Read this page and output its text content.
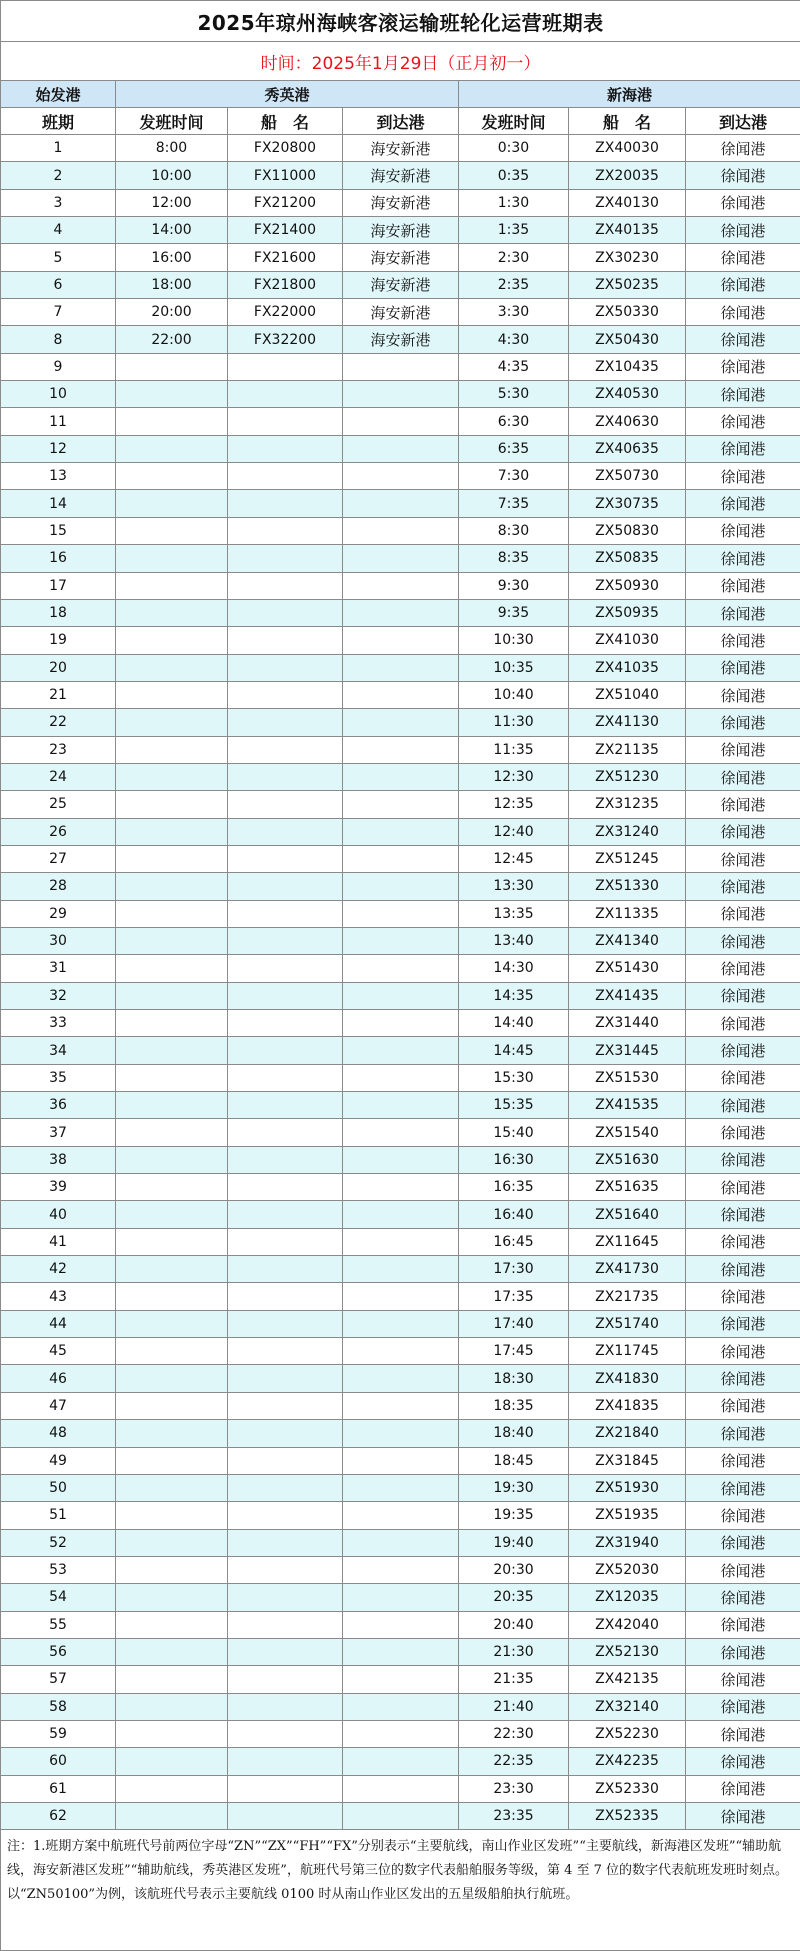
2025年琼州海峡客滚运输班轮化运营班期表						
时间：2025年1月29日（正月初一）						
始发港	秀英港			新海港		
班期	发班时间	船　名	到达港	发班时间	船　名	到达港
1	8:00	FX20800	海安新港	0:30	ZX40030	徐闻港
2	10:00	FX11000	海安新港	0:35	ZX20035	徐闻港
3	12:00	FX21200	海安新港	1:30	ZX40130	徐闻港
4	14:00	FX21400	海安新港	1:35	ZX40135	徐闻港
5	16:00	FX21600	海安新港	2:30	ZX30230	徐闻港
6	18:00	FX21800	海安新港	2:35	ZX50235	徐闻港
7	20:00	FX22000	海安新港	3:30	ZX50330	徐闻港
8	22:00	FX32200	海安新港	4:30	ZX50430	徐闻港
9				4:35	ZX10435	徐闻港
10				5:30	ZX40530	徐闻港
11				6:30	ZX40630	徐闻港
12				6:35	ZX40635	徐闻港
13				7:30	ZX50730	徐闻港
14				7:35	ZX30735	徐闻港
15				8:30	ZX50830	徐闻港
16				8:35	ZX50835	徐闻港
17				9:30	ZX50930	徐闻港
18				9:35	ZX50935	徐闻港
19				10:30	ZX41030	徐闻港
20				10:35	ZX41035	徐闻港
21				10:40	ZX51040	徐闻港
22				11:30	ZX41130	徐闻港
23				11:35	ZX21135	徐闻港
24				12:30	ZX51230	徐闻港
25				12:35	ZX31235	徐闻港
26				12:40	ZX31240	徐闻港
27				12:45	ZX51245	徐闻港
28				13:30	ZX51330	徐闻港
29				13:35	ZX11335	徐闻港
30				13:40	ZX41340	徐闻港
31				14:30	ZX51430	徐闻港
32				14:35	ZX41435	徐闻港
33				14:40	ZX31440	徐闻港
34				14:45	ZX31445	徐闻港
35				15:30	ZX51530	徐闻港
36				15:35	ZX41535	徐闻港
37				15:40	ZX51540	徐闻港
38				16:30	ZX51630	徐闻港
39				16:35	ZX51635	徐闻港
40				16:40	ZX51640	徐闻港
41				16:45	ZX11645	徐闻港
42				17:30	ZX41730	徐闻港
43				17:35	ZX21735	徐闻港
44				17:40	ZX51740	徐闻港
45				17:45	ZX11745	徐闻港
46				18:30	ZX41830	徐闻港
47				18:35	ZX41835	徐闻港
48				18:40	ZX21840	徐闻港
49				18:45	ZX31845	徐闻港
50				19:30	ZX51930	徐闻港
51				19:35	ZX51935	徐闻港
52				19:40	ZX31940	徐闻港
53				20:30	ZX52030	徐闻港
54				20:35	ZX12035	徐闻港
55				20:40	ZX42040	徐闻港
56				21:30	ZX52130	徐闻港
57				21:35	ZX42135	徐闻港
58				21:40	ZX32140	徐闻港
59				22:30	ZX52230	徐闻港
60				22:35	ZX42235	徐闻港
61				23:30	ZX52330	徐闻港
62				23:35	ZX52335	徐闻港
注：1.班期方案中航班代号前两位字母“ZN”“ZX”“FH”“FX”分别表示“主要航线，南山作业区发班”“主要航线，新海港区发班”“辅助航线，海安新港区发班”“辅助航线，秀英港区发班”，航班代号第三位的数字代表船舶服务等级，第 4 至 7 位的数字代表航班发班时刻点。以“ZN50100”为例，该航班代号表示主要航线 0100 时从南山作业区发出的五星级船舶执行航班。						
